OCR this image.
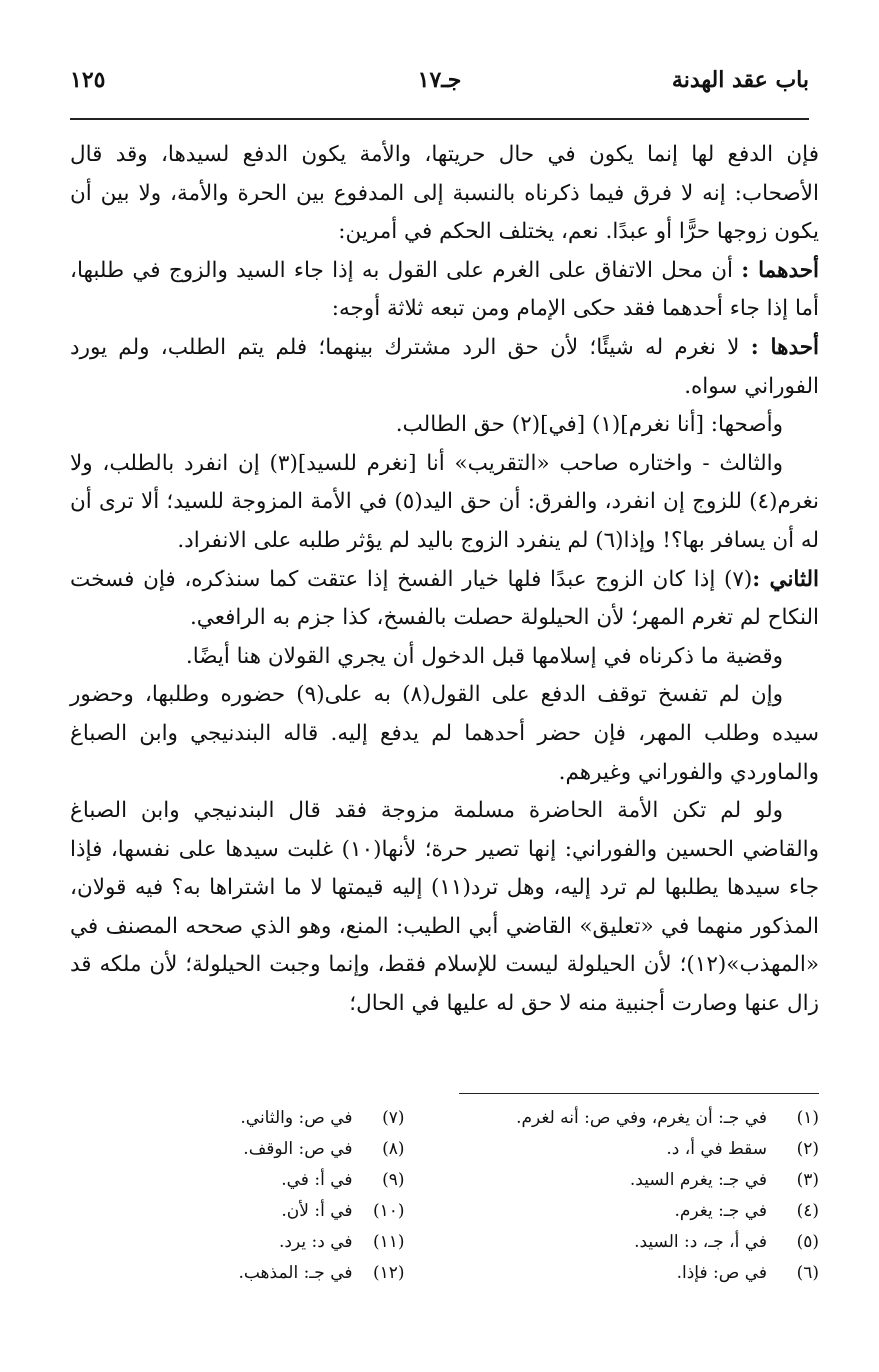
باب عقد الهدنة
جـ١٧
١٢٥

فإن الدفع لها إنما يكون في حال حريتها، والأمة يكون الدفع لسيدها، وقد قال الأصحاب: إنه لا فرق فيما ذكرناه بالنسبة إلى المدفوع بين الحرة والأمة، ولا بين أن يكون زوجها حرًّا أو عبدًا. نعم، يختلف الحكم في أمرين:

أحدهما : أن محل الاتفاق على الغرم على القول به إذا جاء السيد والزوج في طلبها، أما إذا جاء أحدهما فقد حكى الإمام ومن تبعه ثلاثة أوجه:

أحدها : لا نغرم له شيئًا؛ لأن حق الرد مشترك بينهما؛ فلم يتم الطلب، ولم يورد الفوراني سواه.

وأصحها: [أنا نغرم](١) [في](٢) حق الطالب.

والثالث - واختاره صاحب «التقريب» أنا [نغرم للسيد](٣) إن انفرد بالطلب، ولا نغرم(٤) للزوج إن انفرد، والفرق: أن حق اليد(٥) في الأمة المزوجة للسيد؛ ألا ترى أن له أن يسافر بها؟! وإذا(٦) لم ينفرد الزوج باليد لم يؤثر طلبه على الانفراد.

الثاني :(٧) إذا كان الزوج عبدًا فلها خيار الفسخ إذا عتقت كما سنذكره، فإن فسخت النكاح لم تغرم المهر؛ لأن الحيلولة حصلت بالفسخ، كذا جزم به الرافعي.

وقضية ما ذكرناه في إسلامها قبل الدخول أن يجري القولان هنا أيضًا.

وإن لم تفسخ توقف الدفع على القول(٨) به على(٩) حضوره وطلبها، وحضور سيده وطلب المهر، فإن حضر أحدهما لم يدفع إليه. قاله البندنيجي وابن الصباغ والماوردي والفوراني وغيرهم.

ولو لم تكن الأمة الحاضرة مسلمة مزوجة فقد قال البندنيجي وابن الصباغ والقاضي الحسين والفوراني: إنها تصير حرة؛ لأنها(١٠) غلبت سيدها على نفسها، فإذا جاء سيدها يطلبها لم ترد إليه، وهل ترد(١١) إليه قيمتها لا ما اشتراها به؟ فيه قولان، المذكور منهما في «تعليق» القاضي أبي الطيب: المنع، وهو الذي صححه المصنف في «المهذب»(١٢)؛ لأن الحيلولة ليست للإسلام فقط، وإنما وجبت الحيلولة؛ لأن ملكه قد زال عنها وصارت أجنبية منه لا حق له عليها في الحال؛

(١)
في جـ: أن يغرم، وفي ص: أنه لغرم.
(٢)
سقط في أ، د.
(٣)
في جـ: يغرم السيد.
(٤)
في جـ: يغرم.
(٥)
في أ، جـ، د: السيد.
(٦)
في ص: فإذا.
(٧)
في ص: والثاني.
(٨)
في ص: الوقف.
(٩)
في أ: في.
(١٠)
في أ: لأن.
(١١)
في د: يرد.
(١٢)
في جـ: المذهب.
